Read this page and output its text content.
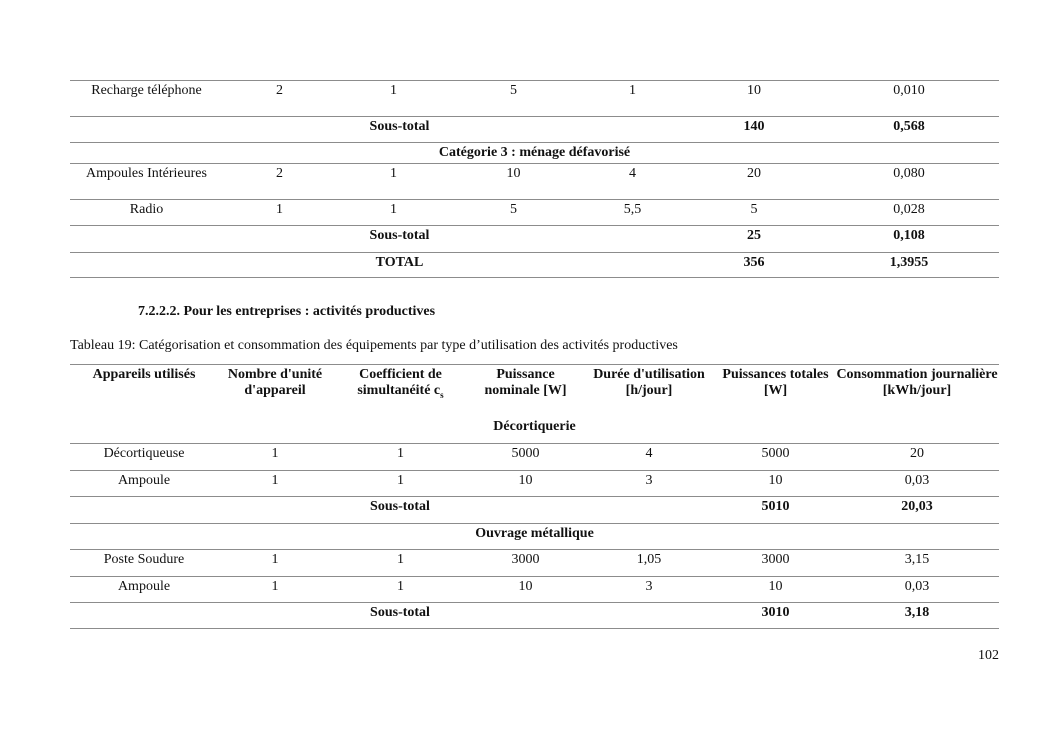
Recharge téléphone	2	1	5	1	10	0,010
	Sous-total				140	0,568
Catégorie 3 : ménage défavorisé						
Ampoules Intérieures	2	1	10	4	20	0,080
Radio	1	1	5	5,5	5	0,028
	Sous-total				25	0,108
	TOTAL				356	1,3955
7.2.2.2. Pour les entreprises : activités productives
Tableau 19: Catégorisation et consommation des équipements par type d’utilisation des activités productives
Appareils utilisés	Nombre d'unité d'appareil	Coefficient de simultanéité $c_s$	Puissance nominale [W]	Durée d'utilisation [h/jour]	Puissances totales [W]	Consommation journalière [kWh/jour]
Décortiquerie						
Décortiqueuse	1	1	5000	4	5000	20
Ampoule	1	1	10	3	10	0,03
	Sous-total				5010	20,03
Ouvrage métallique						
Poste Soudure	1	1	3000	1,05	3000	3,15
Ampoule	1	1	10	3	10	0,03
	Sous-total				3010	3,18
102
